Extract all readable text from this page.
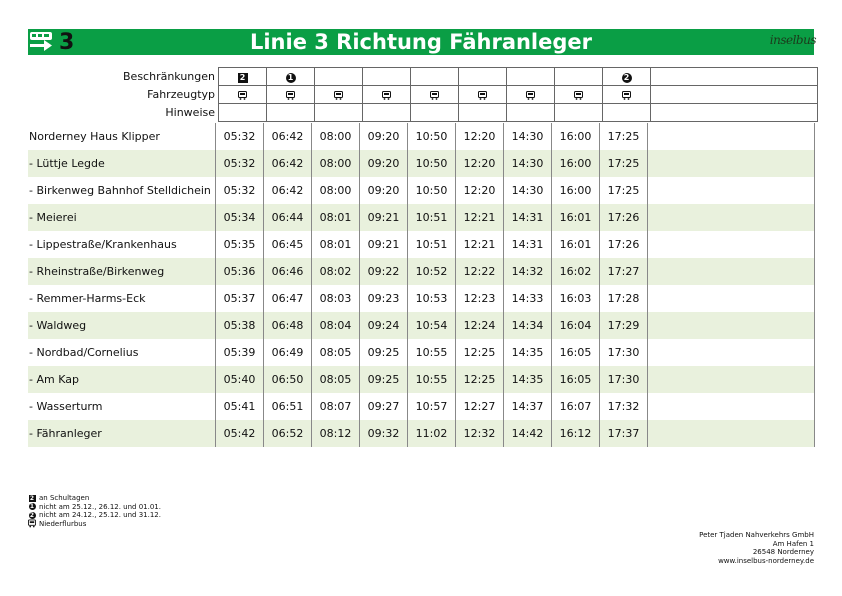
3	Linie 3 Richtung Fähranleger	inselbus
Beschränkungen	2	1							2	
Fahrzeugtyp										
Hinweise										
Norderney Haus Klipper	05:32	06:42	08:00	09:20	10:50	12:20	14:30	16:00	17:25	
- Lüttje Legde	05:32	06:42	08:00	09:20	10:50	12:20	14:30	16:00	17:25	
- Birkenweg Bahnhof Stelldichein	05:32	06:42	08:00	09:20	10:50	12:20	14:30	16:00	17:25	
- Meierei	05:34	06:44	08:01	09:21	10:51	12:21	14:31	16:01	17:26	
- Lippestraße/Krankenhaus	05:35	06:45	08:01	09:21	10:51	12:21	14:31	16:01	17:26	
- Rheinstraße/Birkenweg	05:36	06:46	08:02	09:22	10:52	12:22	14:32	16:02	17:27	
- Remmer-Harms-Eck	05:37	06:47	08:03	09:23	10:53	12:23	14:33	16:03	17:28	
- Waldweg	05:38	06:48	08:04	09:24	10:54	12:24	14:34	16:04	17:29	
- Nordbad/Cornelius	05:39	06:49	08:05	09:25	10:55	12:25	14:35	16:05	17:30	
- Am Kap	05:40	06:50	08:05	09:25	10:55	12:25	14:35	16:05	17:30	
- Wasserturm	05:41	06:51	08:07	09:27	10:57	12:27	14:37	16:07	17:32	
- Fähranleger	05:42	06:52	08:12	09:32	11:02	12:32	14:42	16:12	17:37	
2 an Schultagen
1 nicht am 25.12., 26.12. und 01.01.
2 nicht am 24.12., 25.12. und 31.12.
Niederflurbus
Peter Tjaden Nahverkehrs GmbH
Am Hafen 1
26548 Norderney
www.inselbus-norderney.de
